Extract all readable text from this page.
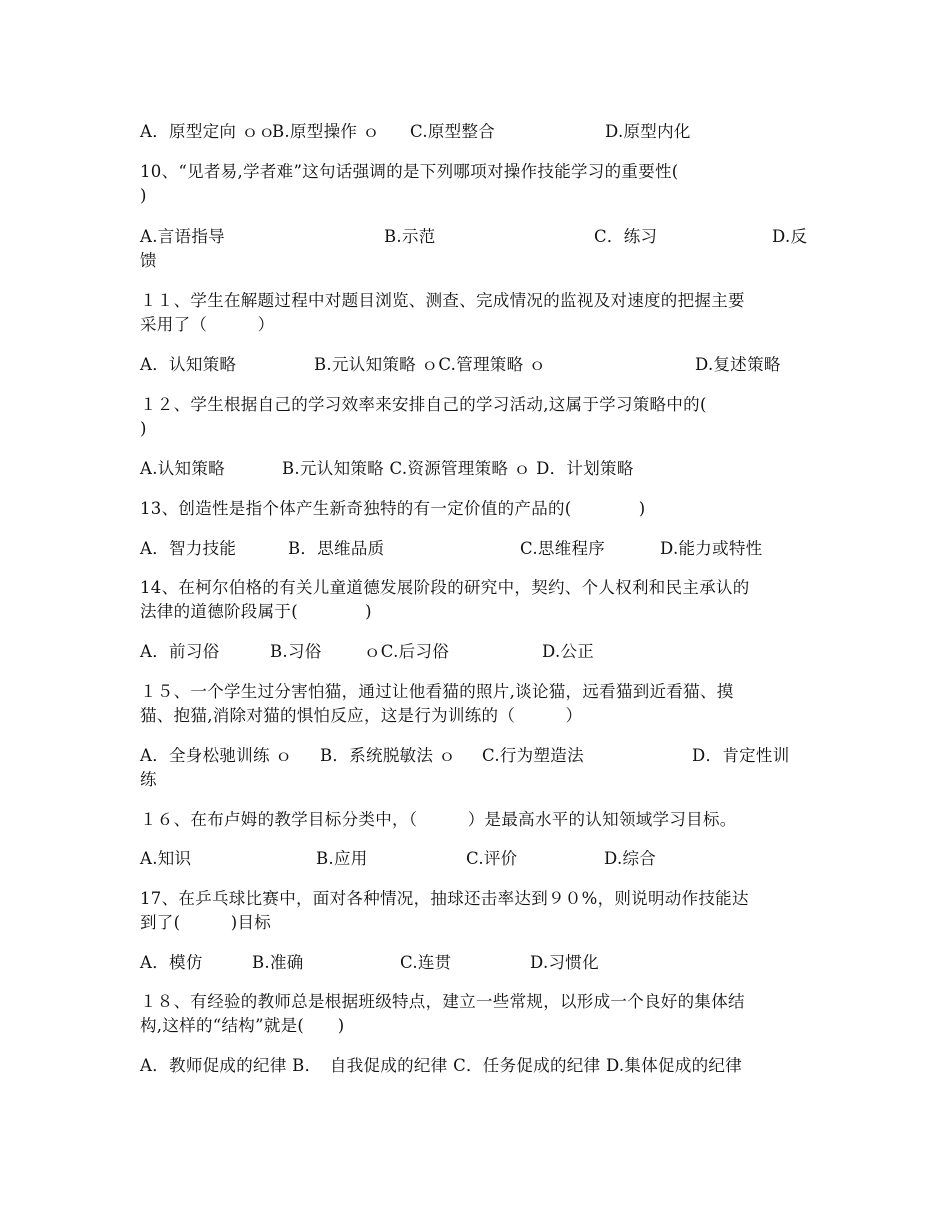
A．原型定向 ｏｏ
B.原型操作 ｏ C.原型整合	D.原型内化
10、“见者易,学者难”这句话强调的是下列哪项对操作技能学习的重要性(
)
A.言语指导	B.示范	C．练习	D.反
馈
１１、学生在解题过程中对题目浏览、测查、完成情况的监视及对速度的把握主要
采用了（　　　）
A．认知策略	B.元认知策略 ｏC.管理策略 ｏ	D.复述策略
１２、学生根据自己的学习效率来安排自己的学习活动,这属于学习策略中的(
)
A.认知策略	B.元认知策略 C.资源管理策略 ｏ D．计划策略
13、创造性是指个体产生新奇独特的有一定价值的产品的(　　　　)
A．智力技能	B．思维品质	C.思维程序	D.能力或特性
14、在柯尔伯格的有关儿童道德发展阶段的研究中，契约、个人权利和民主承认的
法律的道德阶段属于(　　　　)
A．前习俗	B.习俗	ｏC.后习俗	D.公正
１５、一个学生过分害怕猫，通过让他看猫的照片,谈论猫，远看猫到近看猫、摸
猫、抱猫,消除对猫的惧怕反应，这是行为训练的（　　　）
A．全身松驰训练 ｏ B．系统脱敏法 ｏ C.行为塑造法	D．肯定性训
练
１６、在布卢姆的教学目标分类中，（　　　）是最高水平的认知领域学习目标。
A.知识	B.应用	C.评价	D.综合
17、在乒乓球比赛中，面对各种情况，抽球还击率达到９０%，则说明动作技能达
到了(　　　)目标
A．模仿	B.准确	C.连贯	D.习惯化
１８、有经验的教师总是根据班级特点，建立一些常规，以形成一个良好的集体结
构,这样的“结构”就是(　　)
A．教师促成的纪律 B．　自我促成的纪律 C．任务促成的纪律 D.集体促成的纪律
